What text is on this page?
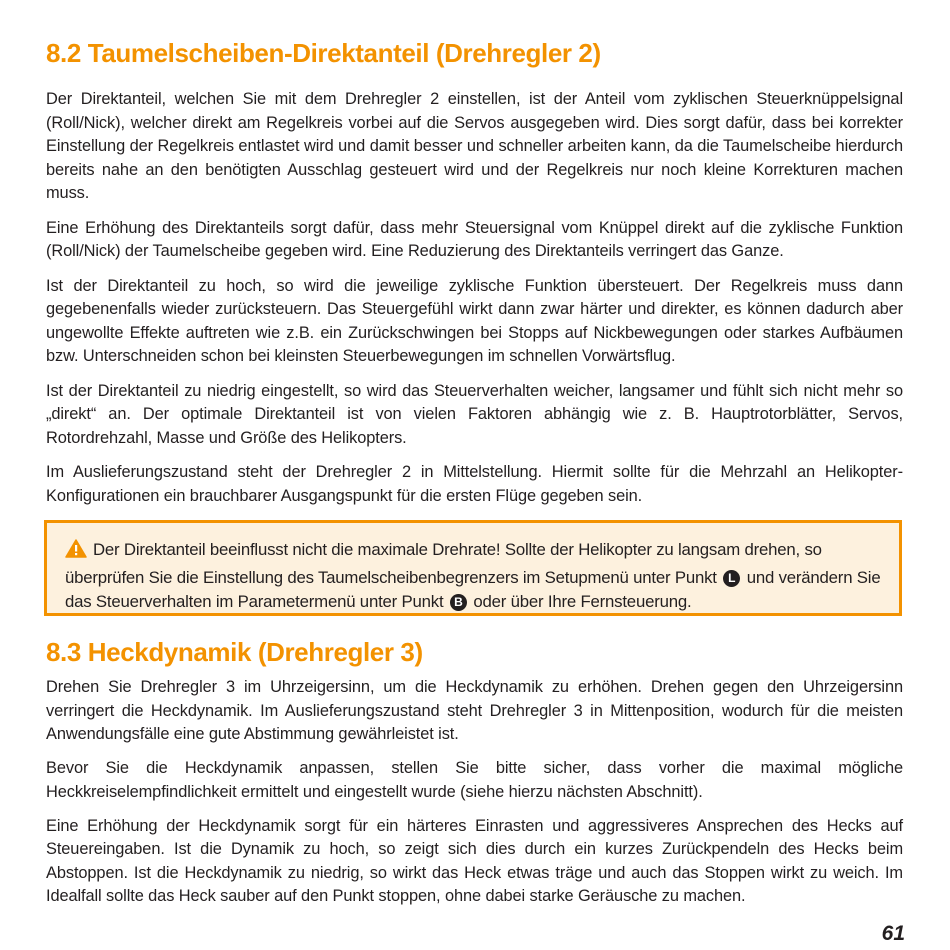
8.2 Taumelscheiben-Direktanteil (Drehregler 2)

Der Direktanteil, welchen Sie mit dem Drehregler 2 einstellen, ist der Anteil vom zyklischen Steuerknüppelsignal (Roll/Nick), welcher direkt am Regelkreis vorbei auf die Servos ausgegeben wird. Dies sorgt dafür, dass bei korrekter Einstellung der Regelkreis entlastet wird und damit besser und schneller arbeiten kann, da die Taumelscheibe hierdurch bereits nahe an den benötigten Ausschlag gesteuert wird und der Regelkreis nur noch kleine Korrekturen machen muss.

Eine Erhöhung des Direktanteils sorgt dafür, dass mehr Steuersignal vom Knüppel direkt auf die zyklische Funktion (Roll/Nick) der Taumelscheibe gegeben wird. Eine Reduzierung des Direktanteils verringert das Ganze.

Ist der Direktanteil zu hoch, so wird die jeweilige zyklische Funktion übersteuert. Der Regelkreis muss dann gegebenenfalls wieder zurücksteuern. Das Steuergefühl wirkt dann zwar härter und direkter, es können dadurch aber ungewollte Effekte auftreten wie z.B. ein Zurückschwingen bei Stopps auf Nickbewegungen oder starkes Aufbäumen bzw. Unterschneiden schon bei kleinsten Steuerbewegungen im schnellen Vorwärtsflug.

Ist der Direktanteil zu niedrig eingestellt, so wird das Steuerverhalten weicher, langsamer und fühlt sich nicht mehr so „direkt“ an. Der optimale Direktanteil ist von vielen Faktoren abhängig wie z. B. Hauptrotorblätter, Servos, Rotordrehzahl, Masse und Größe des Helikopters.

Im Auslieferungszustand steht der Drehregler 2 in Mittelstellung. Hiermit sollte für die Mehrzahl an Helikopter-Konfigurationen ein brauchbarer Ausgangspunkt für die ersten Flüge gegeben sein.

Der Direktanteil beeinflusst nicht die maximale Drehrate! Sollte der Helikopter zu langsam drehen, so überprüfen Sie die Einstellung des Taumelscheibenbegrenzers im Setupmenü unter Punkt L und verändern Sie das Steuerverhalten im Parametermenü unter Punkt B oder über Ihre Fernsteuerung.
8.3 Heckdynamik (Drehregler 3)

Drehen Sie Drehregler 3 im Uhrzeigersinn, um die Heckdynamik zu erhöhen. Drehen gegen den Uhrzeigersinn verringert die Heckdynamik. Im Auslieferungszustand steht Drehregler 3 in Mittenposition, wodurch für die meisten Anwendungsfälle eine gute Abstimmung gewährleistet ist.

Bevor Sie die Heckdynamik anpassen, stellen Sie bitte sicher, dass vorher die maximal mögliche Heckkreiselempfindlichkeit ermittelt und eingestellt wurde (siehe hierzu nächsten Abschnitt).

Eine Erhöhung der Heckdynamik sorgt für ein härteres Einrasten und aggressiveres Ansprechen des Hecks auf Steuereingaben. Ist die Dynamik zu hoch, so zeigt sich dies durch ein kurzes Zurückpendeln des Hecks beim Abstoppen. Ist die Heckdynamik zu niedrig, so wirkt das Heck etwas träge und auch das Stoppen wirkt zu weich. Im Idealfall sollte das Heck sauber auf den Punkt stoppen, ohne dabei starke Geräusche zu machen.

61
